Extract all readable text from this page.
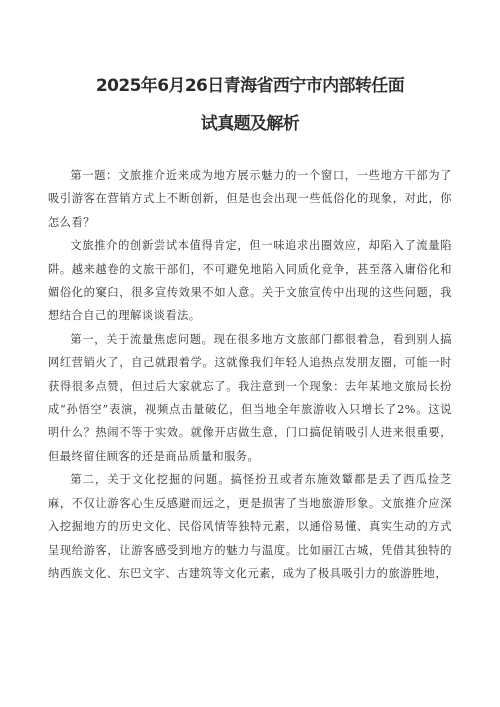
2025年6月26日青海省西宁市内部转任面
试真题及解析

第一题：文旅推介近来成为地方展示魅力的一个窗口，一些地方干部为了吸引游客在营销方式上不断创新，但是也会出现一些低俗化的现象，对此，你怎么看？

文旅推介的创新尝试本值得肯定，但一味追求出圈效应，却陷入了流量陷阱。越来越卷的文旅干部们，不可避免地陷入同质化竞争，甚至落入庸俗化和媚俗化的窠臼，很多宣传效果不如人意。关于文旅宣传中出现的这些问题，我想结合自己的理解谈谈看法。

第一，关于流量焦虑问题。现在很多地方文旅部门都很着急，看到别人搞网红营销火了，自己就跟着学。这就像我们年轻人追热点发朋友圈，可能一时获得很多点赞，但过后大家就忘了。我注意到一个现象：去年某地文旅局长扮成“孙悟空”表演，视频点击量破亿，但当地全年旅游收入只增长了2%。这说明什么？热闹不等于实效。就像开店做生意，门口搞促销吸引人进来很重要，但最终留住顾客的还是商品质量和服务。

第二，关于文化挖掘的问题。搞怪扮丑或者东施效颦都是丢了西瓜捡芝麻，不仅让游客心生反感避而远之，更是损害了当地旅游形象。文旅推介应深入挖掘地方的历史文化、民俗风情等独特元素，以通俗易懂、真实生动的方式呈现给游客，让游客感受到地方的魅力与温度。比如丽江古城，凭借其独特的纳西族文化、东巴文字、古建筑等文化元素，成为了极具吸引力的旅游胜地，
